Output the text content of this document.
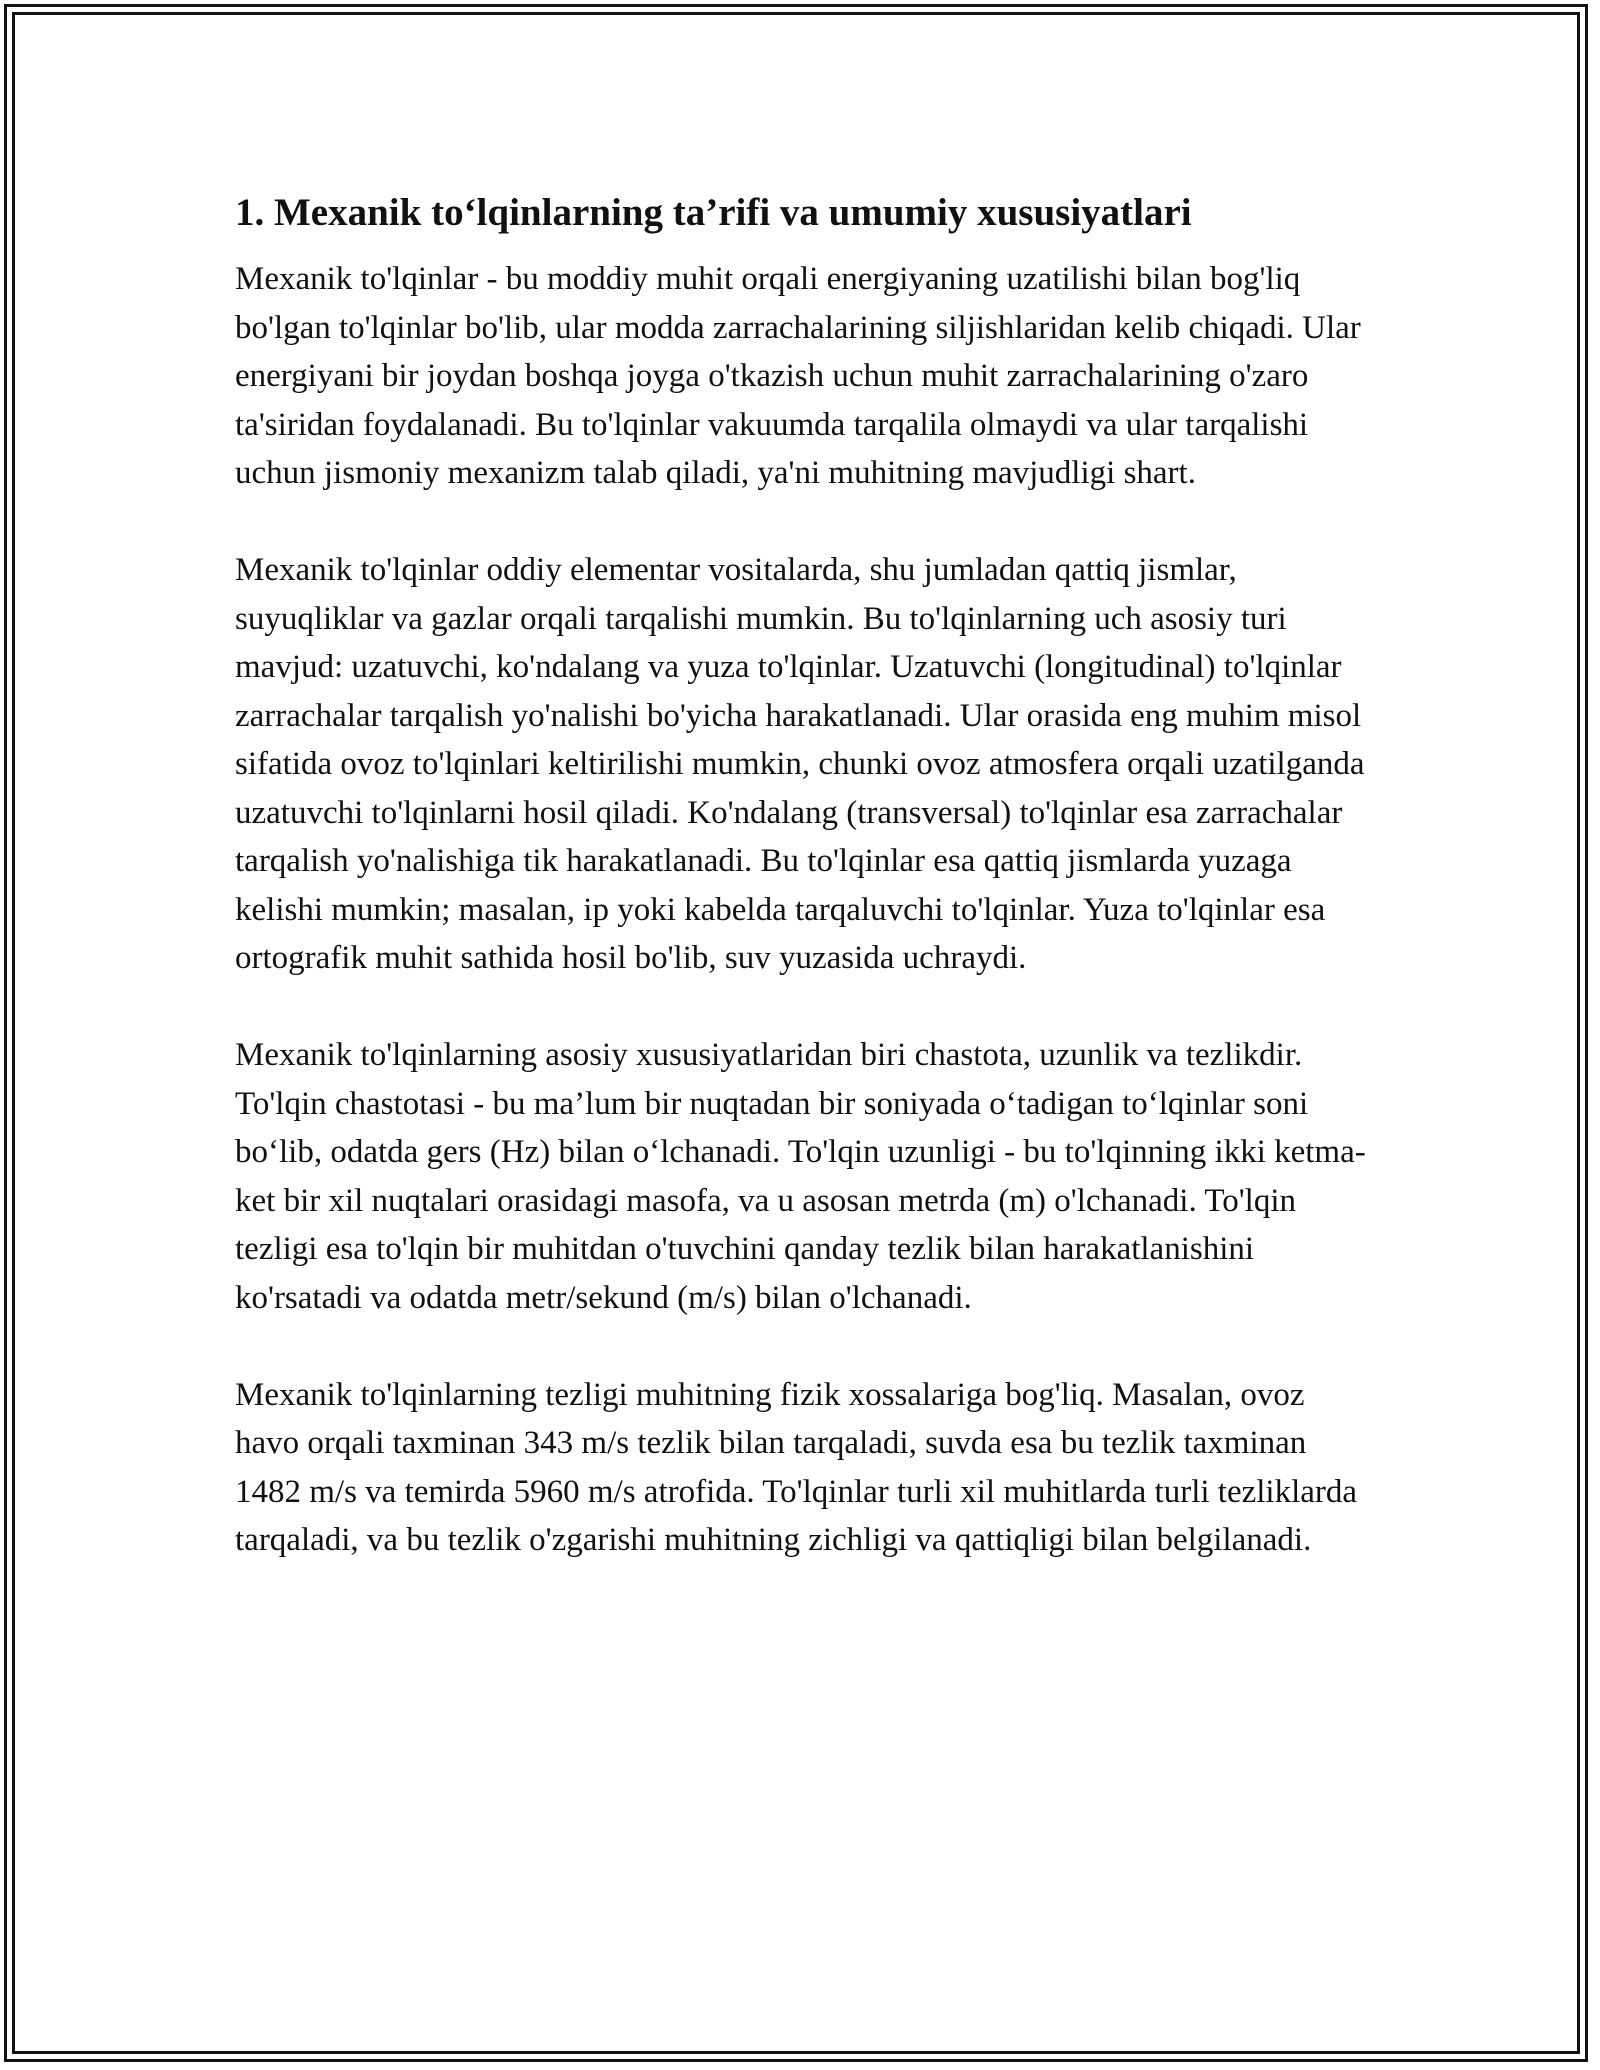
1. Mexanik to‘lqinlarning ta’rifi va umumiy xususiyatlari

Mexanik to'lqinlar - bu moddiy muhit orqali energiyaning uzatilishi bilan bog'liq bo'lgan to'lqinlar bo'lib, ular modda zarrachalarining siljishlaridan kelib chiqadi. Ular energiyani bir joydan boshqa joyga o'tkazish uchun muhit zarrachalarining o'zaro ta'siridan foydalanadi. Bu to'lqinlar vakuumda tarqalila olmaydi va ular tarqalishi uchun jismoniy mexanizm talab qiladi, ya'ni muhitning mavjudligi shart.

Mexanik to'lqinlar oddiy elementar vositalarda, shu jumladan qattiq jismlar, suyuqliklar va gazlar orqali tarqalishi mumkin. Bu to'lqinlarning uch asosiy turi mavjud: uzatuvchi, ko'ndalang va yuza to'lqinlar. Uzatuvchi (longitudinal) to'lqinlar zarrachalar tarqalish yo'nalishi bo'yicha harakatlanadi. Ular orasida eng muhim misol sifatida ovoz to'lqinlari keltirilishi mumkin, chunki ovoz atmosfera orqali uzatilganda uzatuvchi to'lqinlarni hosil qiladi. Ko'ndalang (transversal) to'lqinlar esa zarrachalar tarqalish yo'nalishiga tik harakatlanadi. Bu to'lqinlar esa qattiq jismlarda yuzaga kelishi mumkin; masalan, ip yoki kabelda tarqaluvchi to'lqinlar. Yuza to'lqinlar esa ortografik muhit sathida hosil bo'lib, suv yuzasida uchraydi.

Mexanik to'lqinlarning asosiy xususiyatlaridan biri chastota, uzunlik va tezlikdir. To'lqin chastotasi - bu ma’lum bir nuqtadan bir soniyada o‘tadigan to‘lqinlar soni bo‘lib, odatda gers (Hz) bilan o‘lchanadi. To'lqin uzunligi - bu to'lqinning ikki ketma-ket bir xil nuqtalari orasidagi masofa, va u asosan metrda (m) o'lchanadi. To'lqin tezligi esa to'lqin bir muhitdan o'tuvchini qanday tezlik bilan harakatlanishini ko'rsatadi va odatda metr/sekund (m/s) bilan o'lchanadi.

Mexanik to'lqinlarning tezligi muhitning fizik xossalariga bog'liq. Masalan, ovoz havo orqali taxminan 343 m/s tezlik bilan tarqaladi, suvda esa bu tezlik taxminan 1482 m/s va temirda 5960 m/s atrofida. To'lqinlar turli xil muhitlarda turli tezliklarda tarqaladi, va bu tezlik o'zgarishi muhitning zichligi va qattiqligi bilan belgilanadi.
